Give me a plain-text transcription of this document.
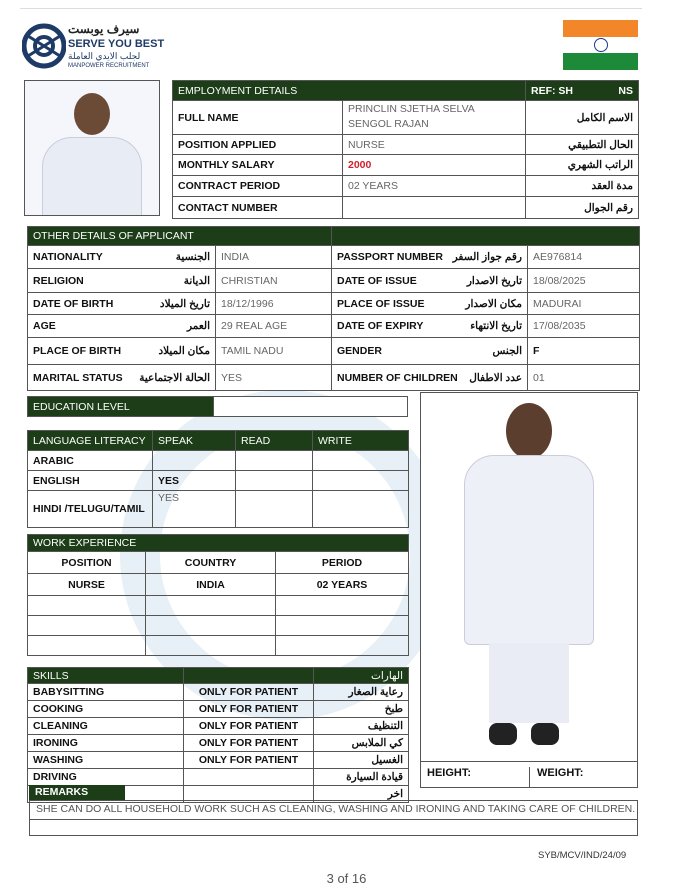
سيرف يوبست
SERVE YOU BEST
لجلب الايدي العاملة
MANPOWER RECRUITMENT
EMPLOYMENT DETAILS		REF: SH NS

FULL NAME	PRINCLIN SJETHA SELVA SENGOL RAJAN	الاسم الكامل
POSITION APPLIED	NURSE	الحال التطبيقي
MONTHLY SALARY	2000	الراتب الشهري
CONTRACT PERIOD	02 YEARS	مدة العقد
CONTACT NUMBER		رقم الجوال
OTHER DETAILS OF APPLICANT			
NATIONALITY الجنسية	INDIA	PASSPORT NUMBER رقم جواز السفر	AE976814
RELIGION الديانة	CHRISTIAN	DATE OF ISSUE تاريخ الاصدار	18/08/2025
DATE OF BIRTH تاريخ الميلاد	18/12/1996	PLACE OF ISSUE مكان الاصدار	MADURAI
AGE العمر	29 REAL AGE	DATE OF EXPIRY تاريخ الانتهاء	17/08/2035
PLACE OF BIRTH مكان الميلاد	TAMIL NADU	GENDER الجنس	F
MARITAL STATUS الحالة الاجتماعية	YES	NUMBER OF CHILDREN عدد الاطفال	01
EDUCATION LEVEL	
LANGUAGE LITERACY	SPEAK	READ	WRITE
ARABIC			
ENGLISH	YES		
HINDI /TELUGU/TAMIL	YES		
WORK EXPERIENCE		
POSITION	COUNTRY	PERIOD
NURSE	INDIA	02 YEARS

SKILLS		الهارات
BABYSITTING	ONLY FOR PATIENT	رعاية الصغار
COOKING	ONLY FOR PATIENT	طبخ
CLEANING	ONLY FOR PATIENT	التنظيف
IRONING	ONLY FOR PATIENT	كي الملابس
WASHING	ONLY FOR PATIENT	الغسيل
DRIVING		قيادة السيارة
		اخر
HEIGHT:	WEIGHT:
REMARKS
SHE CAN DO ALL HOUSEHOLD WORK SUCH AS CLEANING, WASHING AND IRONING AND TAKING CARE OF CHILDREN.
SYB/MCV/IND/24/09
3 of 16
